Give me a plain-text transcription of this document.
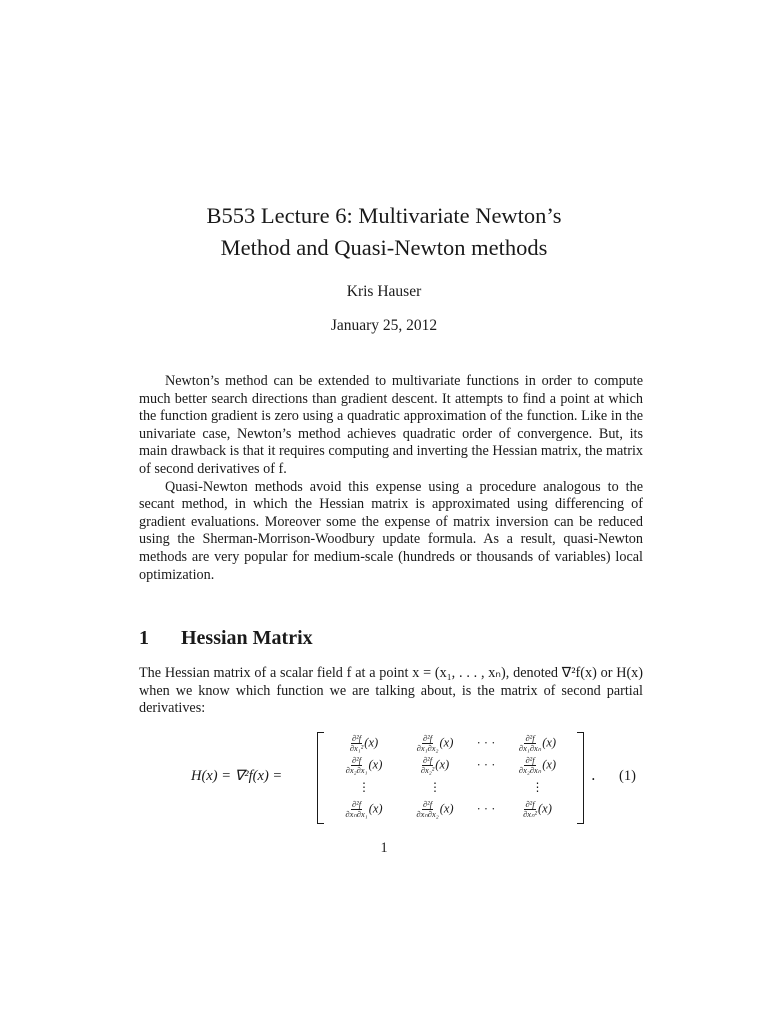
B553 Lecture 6: Multivariate Newton’s
Method and Quasi-Newton methods
Kris Hauser
January 25, 2012

Newton’s method can be extended to multivariate functions in order to compute much better search directions than gradient descent. It attempts to find a point at which the function gradient is zero using a quadratic approximation of the function. Like in the univariate case, Newton’s method achieves quadratic order of convergence. But, its main drawback is that it requires computing and inverting the Hessian matrix, the matrix of second derivatives of f.

Quasi-Newton methods avoid this expense using a procedure analogous to the secant method, in which the Hessian matrix is approximated using differencing of gradient evaluations. Moreover some the expense of matrix inversion can be reduced using the Sherman-Morrison-Woodbury update formula. As a result, quasi-Newton methods are very popular for medium-scale (hundreds or thousands of variables) local optimization.

1 Hessian Matrix

The Hessian matrix of a scalar field f at a point x = (x₁, . . . , xₙ), denoted ∇²f(x) or H(x) when we know which function we are talking about, is the matrix of second partial derivatives:

H(x) = ∇²f(x) =
$\frac{\text{∂²f}}{\text{∂x₁²}} (x)$	$\frac{\text{∂²f}}{\text{∂x₁∂x₂}} (x)$	· · ·	$\frac{\text{∂²f}}{\text{∂x₁∂xₙ}} (x)$
$\frac{\text{∂²f}}{\text{∂x₂∂x₁}} (x)$	$\frac{\text{∂²f}}{\text{∂x₂²}} (x)$	· · ·	$\frac{\text{∂²f}}{\text{∂x₂∂xₙ}} (x)$
⋮	⋮	⋮
$\frac{\text{∂²f}}{\text{∂xₙ∂x₁}} (x)$	$\frac{\text{∂²f}}{\text{∂xₙ∂x₂}} (x)$	· · ·	$\frac{\text{∂²f}}{\text{∂xₙ²}} (x)$
. (1)
1
